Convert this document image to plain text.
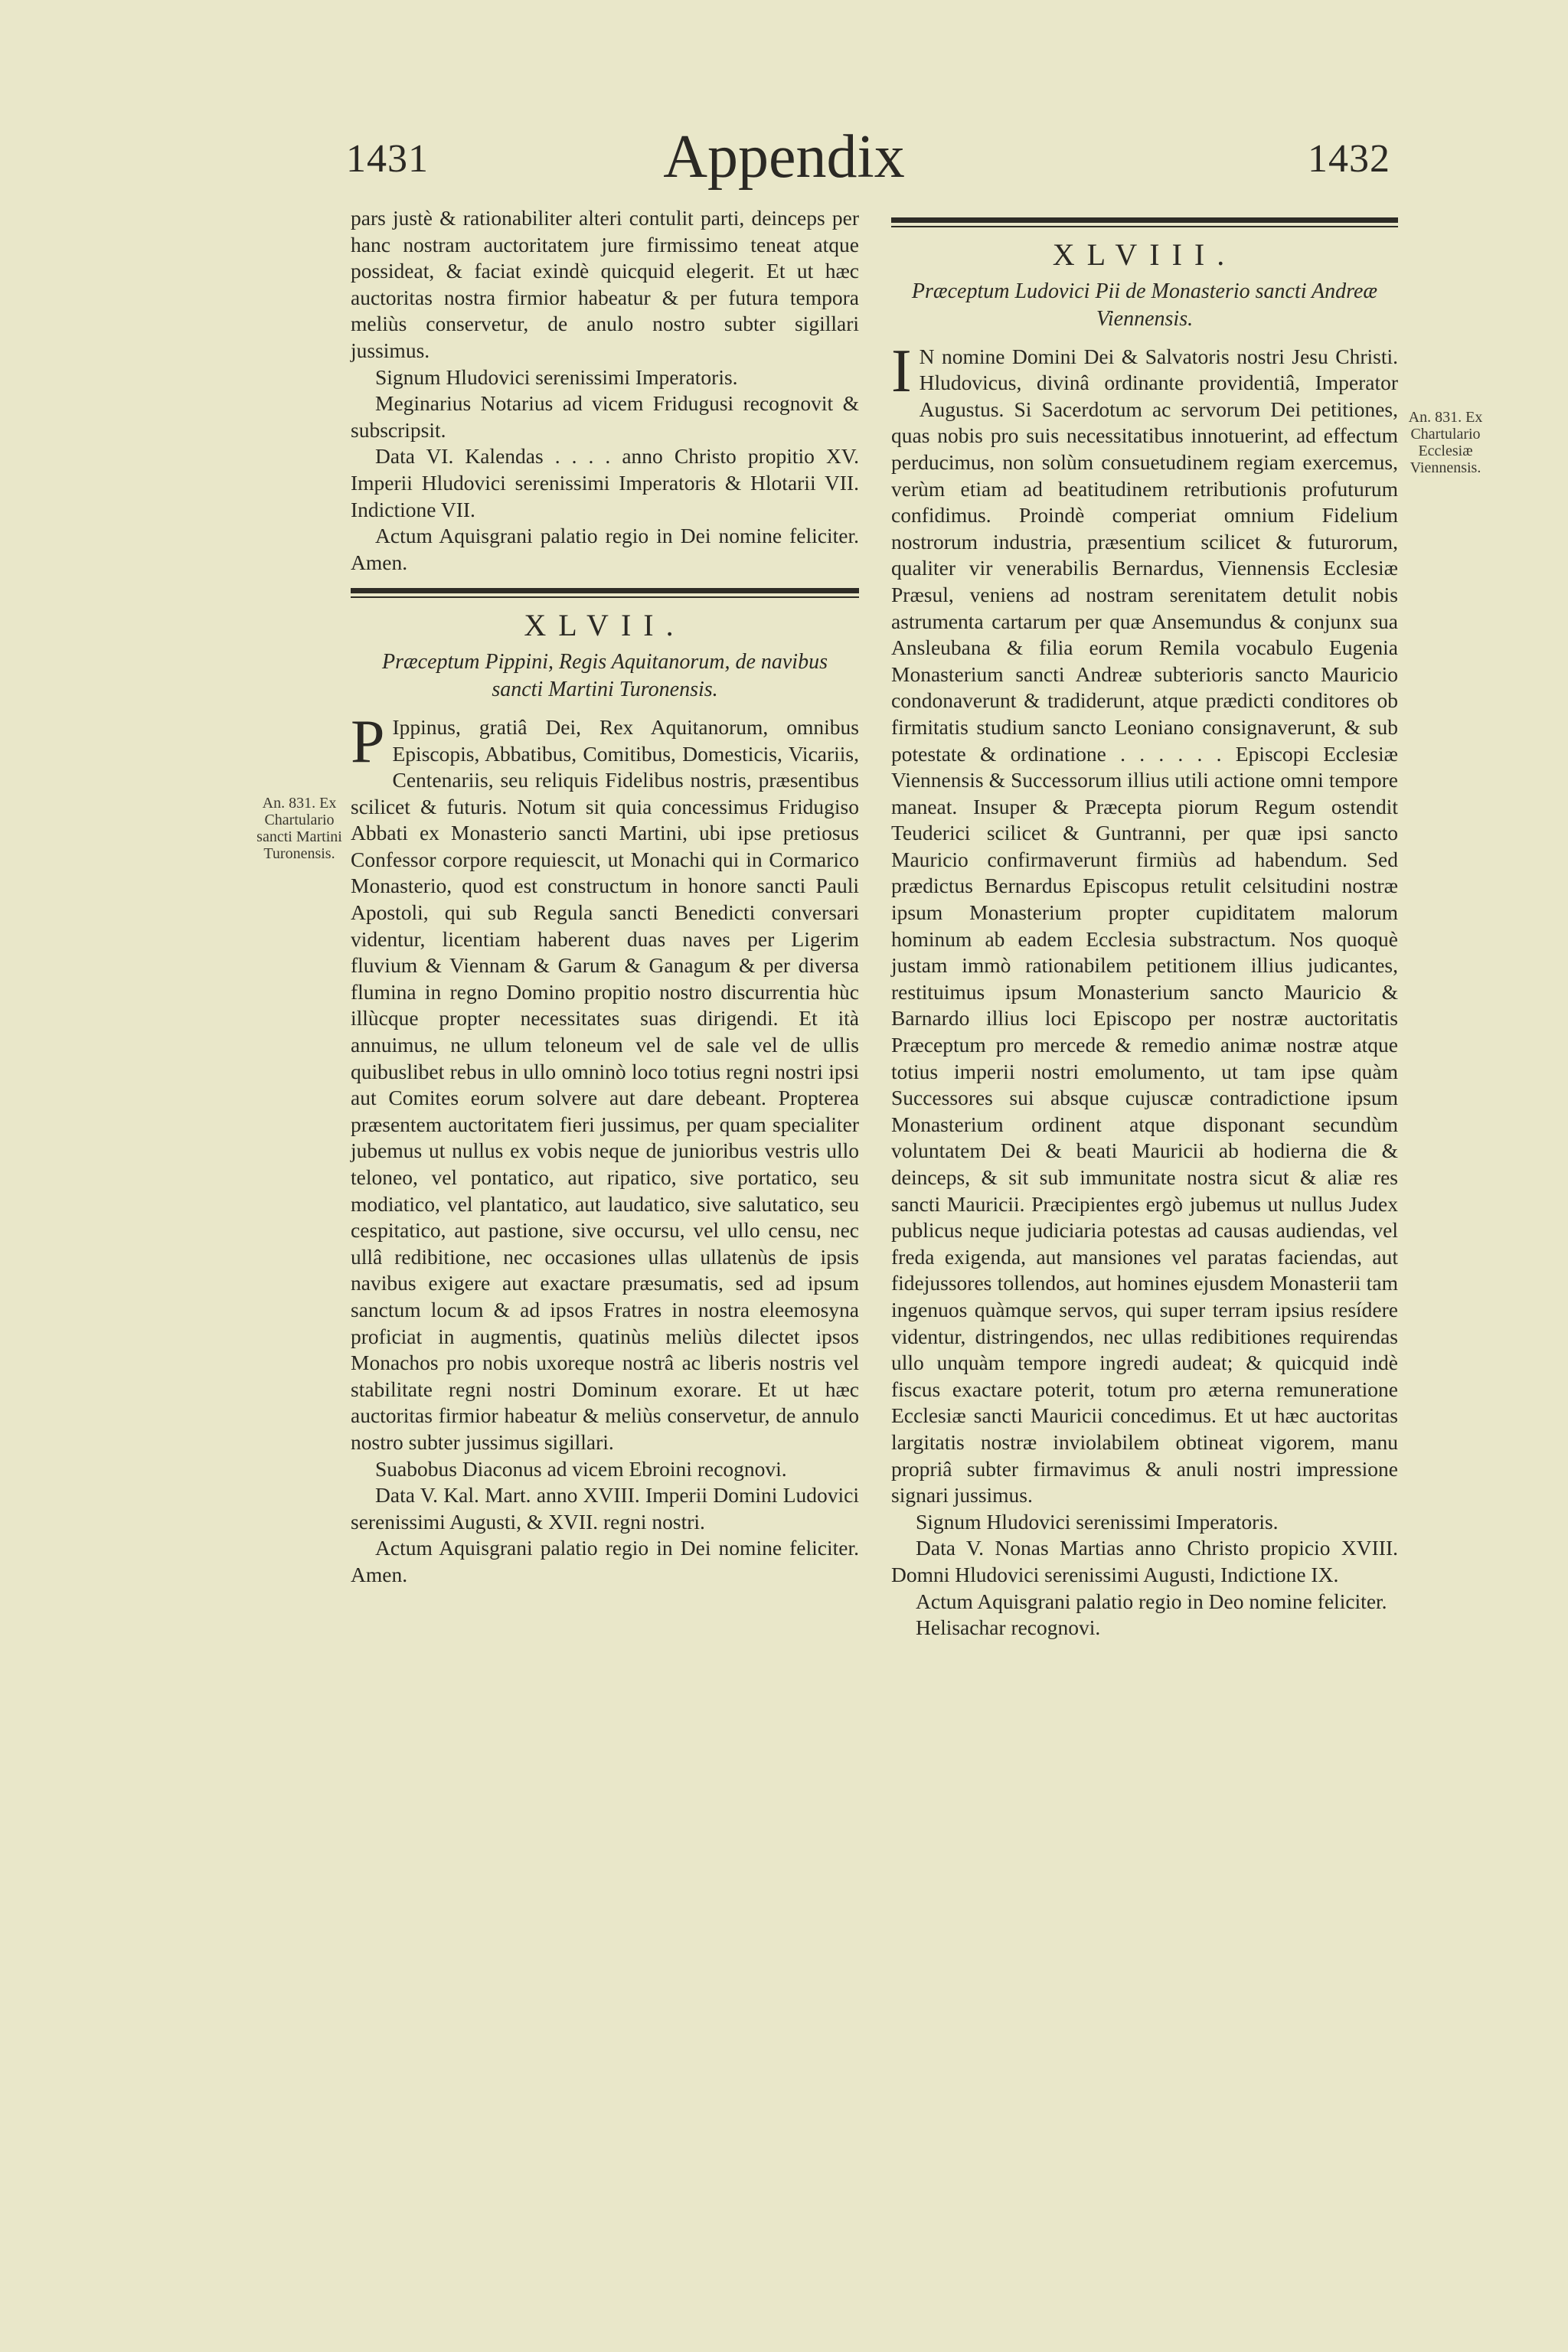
1431	Appendix	1432

pars justè & rationabiliter alteri contulit parti, deinceps per hanc nostram auctoritatem jure firmissimo teneat atque possideat, & faciat exindè quicquid elegerit. Et ut hæc auctoritas nostra firmior habeatur & per futura tempora meliùs conservetur, de anulo nostro subter sigillari jussimus.

Signum Hludovici serenissimi Imperatoris.

Meginarius Notarius ad vicem Fridugusi recognovit & subscripsit.

Data VI. Kalendas . . . . anno Christo propitio XV. Imperii Hludovici serenissimi Imperatoris & Hlotarii VII. Indictione VII.

Actum Aquisgrani palatio regio in Dei nomine feliciter. Amen.

XLVII.
Præceptum Pippini, Regis Aquitanorum, de navibus sancti Martini Turonensis.

P Ippinus, gratiâ Dei, Rex Aquitanorum, omnibus Episcopis, Abbatibus, Comitibus, Domesticis, Vicariis, Centenariis, seu reliquis Fidelibus nostris, præsentibus scilicet & futuris. Notum sit quia concessimus Fridugiso Abbati ex Monasterio sancti Martini, ubi ipse pretiosus Confessor corpore requiescit, ut Monachi qui in Cormarico Monasterio, quod est constructum in honore sancti Pauli Apostoli, qui sub Regula sancti Benedicti conversari videntur, licentiam haberent duas naves per Ligerim fluvium & Viennam & Garum & Ganagum & per diversa flumina in regno Domino propitio nostro discurrentia hùc illùcque propter necessitates suas dirigendi. Et ità annuimus, ne ullum teloneum vel de sale vel de ullis quibuslibet rebus in ullo omninò loco totius regni nostri ipsi aut Comites eorum solvere aut dare debeant. Propterea præsentem auctoritatem fieri jussimus, per quam specialiter jubemus ut nullus ex vobis neque de junioribus vestris ullo teloneo, vel pontatico, aut ripatico, sive portatico, seu modiatico, vel plantatico, aut laudatico, sive salutatico, seu cespitatico, aut pastione, sive occursu, vel ullo censu, nec ullâ redibitione, nec occasiones ullas ullatenùs de ipsis navibus exigere aut exactare præsumatis, sed ad ipsum sanctum locum & ad ipsos Fratres in nostra eleemosyna proficiat in augmentis, quatinùs meliùs dilectet ipsos Monachos pro nobis uxoreque nostrâ ac liberis nostris vel stabilitate regni nostri Dominum exorare. Et ut hæc auctoritas firmior habeatur & meliùs conservetur, de annulo nostro subter jussimus sigillari.

Suabobus Diaconus ad vicem Ebroini recognovi.

Data V. Kal. Mart. anno XVIII. Imperii Domini Ludovici serenissimi Augusti, & XVII. regni nostri.

Actum Aquisgrani palatio regio in Dei nomine feliciter. Amen.

An. 831. Ex Chartulario sancti Martini Turonensis.
XLVIII.
Præceptum Ludovici Pii de Monasterio sancti Andreæ Viennensis.

I N nomine Domini Dei & Salvatoris nostri Jesu Christi. Hludovicus, divinâ ordinante providentiâ, Imperator Augustus. Si Sacerdotum ac servorum Dei petitiones, quas nobis pro suis necessitatibus innotuerint, ad effectum perducimus, non solùm consuetudinem regiam exercemus, verùm etiam ad beatitudinem retributionis profuturum confidimus. Proindè comperiat omnium Fidelium nostrorum industria, præsentium scilicet & futurorum, qualiter vir venerabilis Bernardus, Viennensis Ecclesiæ Præsul, veniens ad nostram serenitatem detulit nobis astrumenta cartarum per quæ Ansemundus & conjunx sua Ansleubana & filia eorum Remila vocabulo Eugenia Monasterium sancti Andreæ subterioris sancto Mauricio condonaverunt & tradiderunt, atque prædicti conditores ob firmitatis studium sancto Leoniano consignaverunt, & sub potestate & ordinatione . . . . . . Episcopi Ecclesiæ Viennensis & Successorum illius utili actione omni tempore maneat. Insuper & Præcepta piorum Regum ostendit Teuderici scilicet & Guntranni, per quæ ipsi sancto Mauricio confirmaverunt firmiùs ad habendum. Sed prædictus Bernardus Episcopus retulit celsitudini nostræ ipsum Monasterium propter cupiditatem malorum hominum ab eadem Ecclesia substractum. Nos quoquè justam immò rationabilem petitionem illius judicantes, restituimus ipsum Monasterium sancto Mauricio & Barnardo illius loci Episcopo per nostræ auctoritatis Præceptum pro mercede & remedio animæ nostræ atque totius imperii nostri emolumento, ut tam ipse quàm Successores sui absque cujuscæ contradictione ipsum Monasterium ordinent atque disponant secundùm voluntatem Dei & beati Mauricii ab hodierna die & deinceps, & sit sub immunitate nostra sicut & aliæ res sancti Mauricii. Præcipientes ergò jubemus ut nullus Judex publicus neque judiciaria potestas ad causas audiendas, vel freda exigenda, aut mansiones vel paratas faciendas, aut fidejussores tollendos, aut homines ejusdem Monasterii tam ingenuos quàmque servos, qui super terram ipsius resídere videntur, distringendos, nec ullas redibitiones requirendas ullo unquàm tempore ingredi audeat; & quicquid indè fiscus exactare poterit, totum pro æterna remuneratione Ecclesiæ sancti Mauricii concedimus. Et ut hæc auctoritas largitatis nostræ inviolabilem obtineat vigorem, manu propriâ subter firmavimus & anuli nostri impressione signari jussimus.

Signum Hludovici serenissimi Imperatoris.

Data V. Nonas Martias anno Christo propicio XVIII. Domni Hludovici serenissimi Augusti, Indictione IX.

Actum Aquisgrani palatio regio in Deo nomine feliciter.

Helisachar recognovi.

An. 831. Ex Chartulario Ecclesiæ Viennensis.
